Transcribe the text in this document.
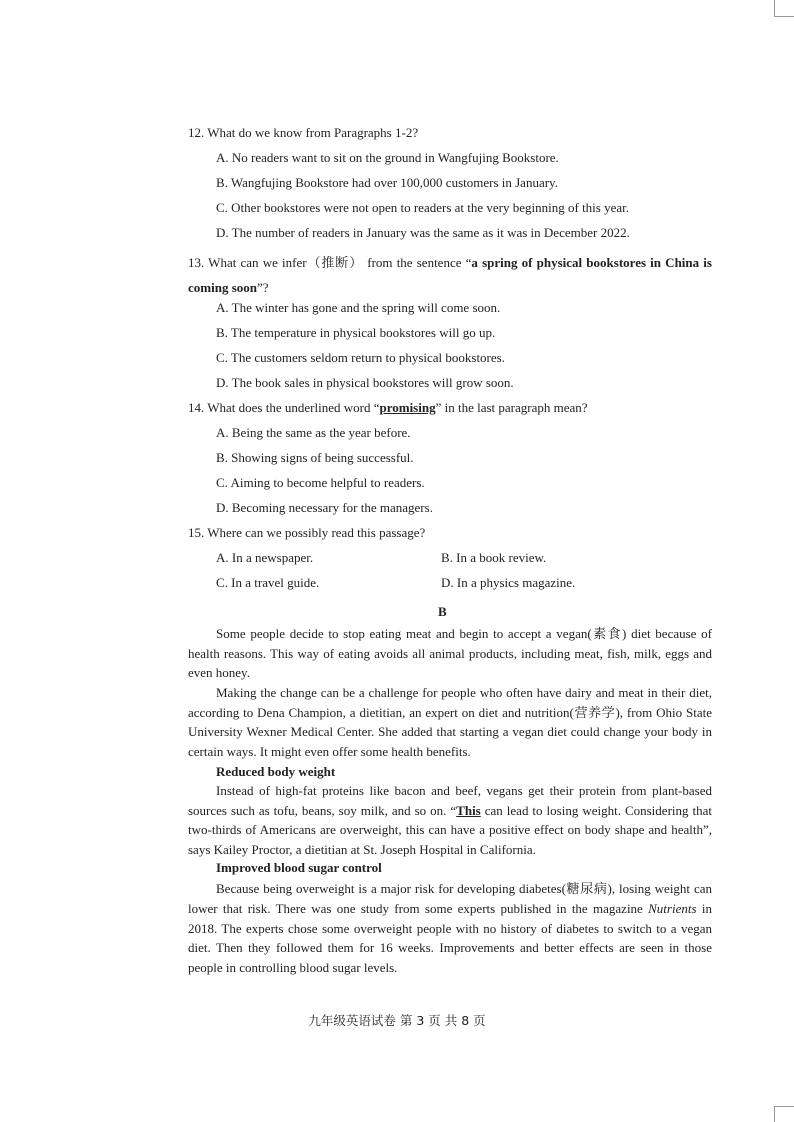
12. What do we know from Paragraphs 1-2?
A. No readers want to sit on the ground in Wangfujing Bookstore.
B. Wangfujing Bookstore had over 100,000 customers in January.
C. Other bookstores were not open to readers at the very beginning of this year.
D. The number of readers in January was the same as it was in December 2022.
13. What can we infer（推断） from the sentence “a spring of physical bookstores in China is coming soon”?
A. The winter has gone and the spring will come soon.
B. The temperature in physical bookstores will go up.
C. The customers seldom return to physical bookstores.
D. The book sales in physical bookstores will grow soon.
14. What does the underlined word “promising” in the last paragraph mean?
A. Being the same as the year before.
B. Showing signs of being successful.
C. Aiming to become helpful to readers.
D. Becoming necessary for the managers.
15. Where can we possibly read this passage?
A. In a newspaper.	B. In a book review.
C. In a travel guide.	D. In a physics magazine.
B
Some people decide to stop eating meat and begin to accept a vegan(素食) diet because of health reasons. This way of eating avoids all animal products, including meat, fish, milk, eggs and even honey.
Making the change can be a challenge for people who often have dairy and meat in their diet, according to Dena Champion, a dietitian, an expert on diet and nutrition(营养学), from Ohio State University Wexner Medical Center. She added that starting a vegan diet could change your body in certain ways. It might even offer some health benefits.
Reduced body weight
Instead of high-fat proteins like bacon and beef, vegans get their protein from plant-based sources such as tofu, beans, soy milk, and so on. “This can lead to losing weight. Considering that two-thirds of Americans are overweight, this can have a positive effect on body shape and health”, says Kailey Proctor, a dietitian at St. Joseph Hospital in California.
Improved blood sugar control
Because being overweight is a major risk for developing diabetes(糖尿病), losing weight can lower that risk. There was one study from some experts published in the magazine Nutrients in 2018. The experts chose some overweight people with no history of diabetes to switch to a vegan diet. Then they followed them for 16 weeks. Improvements and better effects are seen in those people in controlling blood sugar levels.
九年级英语试卷 第 3 页 共 8 页
